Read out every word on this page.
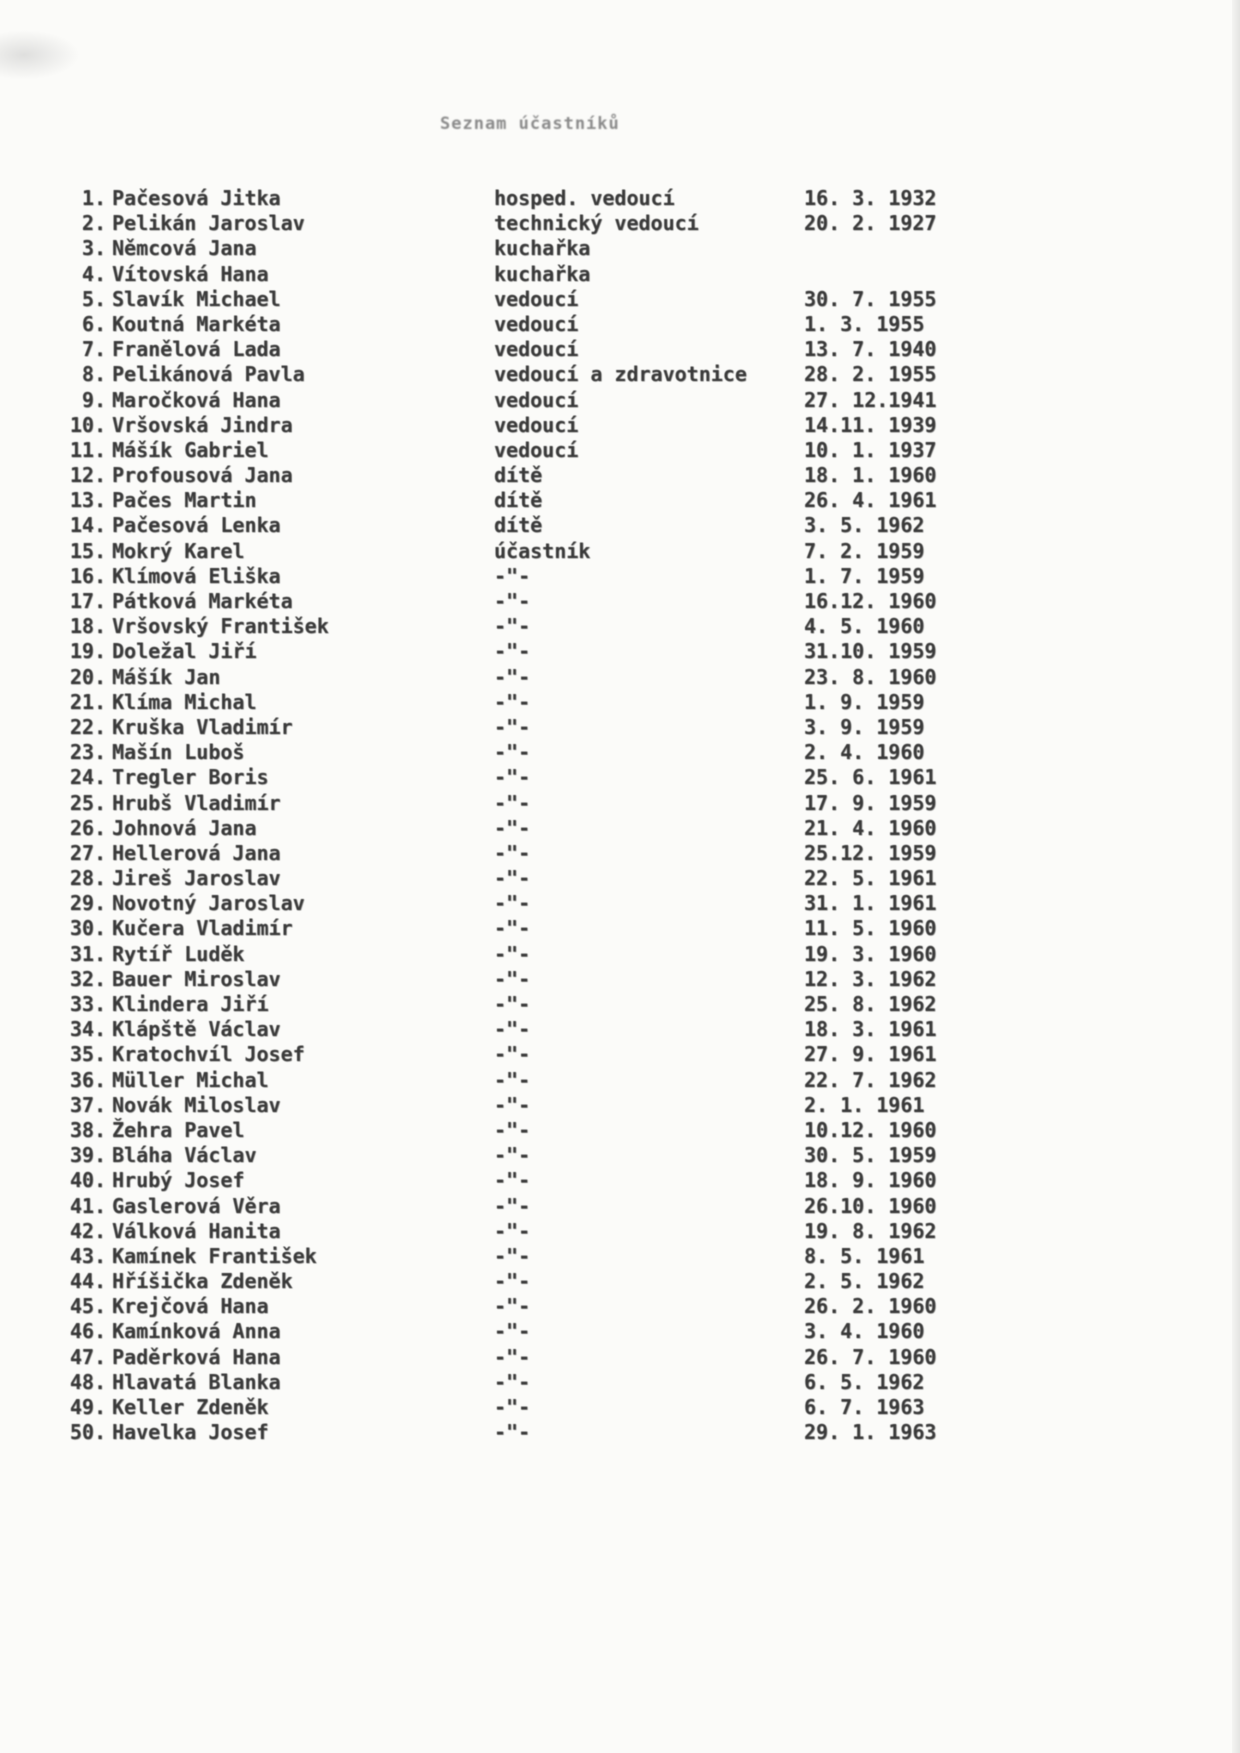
Seznam účastníků
1. Pačesová Jitka	hosped. vedoucí	16. 3. 1932
2. Pelikán Jaroslav	technický vedoucí	20. 2. 1927
3. Němcová Jana	kuchařka
4. Vítovská Hana	kuchařka
5. Slavík Michael	vedoucí	30. 7. 1955
6. Koutná Markéta	vedoucí	1. 3. 1955
7. Franělová Lada	vedoucí	13. 7. 1940
8. Pelikánová Pavla	vedoucí a zdravotnice	28. 2. 1955
9. Maročková Hana	vedoucí	27. 12.1941
10. Vršovská Jindra	vedoucí	14.11. 1939
11. Mášík Gabriel	vedoucí	10. 1. 1937
12. Profousová Jana	dítě	18. 1. 1960
13. Pačes Martin	dítě	26. 4. 1961
14. Pačesová Lenka	dítě	3. 5. 1962
15. Mokrý Karel	účastník	7. 2. 1959
16. Klímová Eliška	-"-	1. 7. 1959
17. Pátková Markéta	-"-	16.12. 1960
18. Vršovský František	-"-	4. 5. 1960
19. Doležal Jiří	-"-	31.10. 1959
20. Mášík Jan	-"-	23. 8. 1960
21. Klíma Michal	-"-	1. 9. 1959
22. Kruška Vladimír	-"-	3. 9. 1959
23. Mašín Luboš	-"-	2. 4. 1960
24. Tregler Boris	-"-	25. 6. 1961
25. Hrubš Vladimír	-"-	17. 9. 1959
26. Johnová Jana	-"-	21. 4. 1960
27. Hellerová Jana	-"-	25.12. 1959
28. Jireš Jaroslav	-"-	22. 5. 1961
29. Novotný Jaroslav	-"-	31. 1. 1961
30. Kučera Vladimír	-"-	11. 5. 1960
31. Rytíř Luděk	-"-	19. 3. 1960
32. Bauer Miroslav	-"-	12. 3. 1962
33. Klindera Jiří	-"-	25. 8. 1962
34. Klápště Václav	-"-	18. 3. 1961
35. Kratochvíl Josef	-"-	27. 9. 1961
36. Müller Michal	-"-	22. 7. 1962
37. Novák Miloslav	-"-	2. 1. 1961
38. Žehra Pavel	-"-	10.12. 1960
39. Bláha Václav	-"-	30. 5. 1959
40. Hrubý Josef	-"-	18. 9. 1960
41. Gaslerová Věra	-"-	26.10. 1960
42. Válková Hanita	-"-	19. 8. 1962
43. Kamínek František	-"-	8. 5. 1961
44. Hříšička Zdeněk	-"-	2. 5. 1962
45. Krejčová Hana	-"-	26. 2. 1960
46. Kamínková Anna	-"-	3. 4. 1960
47. Paděrková Hana	-"-	26. 7. 1960
48. Hlavatá Blanka	-"-	6. 5. 1962
49. Keller Zdeněk	-"-	6. 7. 1963
50. Havelka Josef	-"-	29. 1. 1963
